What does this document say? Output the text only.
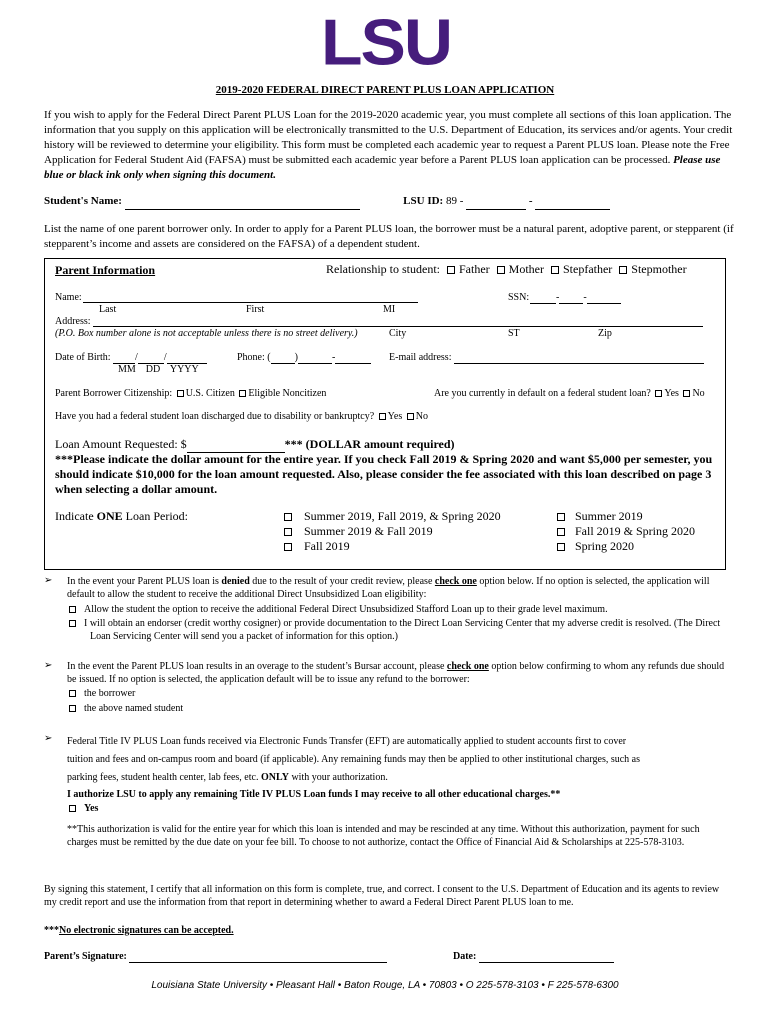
LSU
2019-2020 FEDERAL DIRECT PARENT PLUS LOAN APPLICATION
If you wish to apply for the Federal Direct Parent PLUS Loan for the 2019-2020 academic year, you must complete all sections of this loan application. The information that you supply on this application will be electronically transmitted to the U.S. Department of Education, its services and/or agents. Your credit history will be reviewed to determine your eligibility. This form must be completed each academic year to request a Parent PLUS loan. Please note the Free Application for Federal Student Aid (FAFSA) must be submitted each academic year before a Parent PLUS loan application can be processed. Please use blue or black ink only when signing this document.
Student's Name:	LSU ID: 89 -	-
List the name of one parent borrower only. In order to apply for a Parent PLUS loan, the borrower must be a natural parent, adoptive parent, or stepparent (if stepparent’s income and assets are considered on the FAFSA) of a dependent student.
Parent Information	Relationship to student: Father Mother Stepfather Stepmother
Name:	SSN:	- -
Last	First	MI
Address:
(P.O. Box number alone is not acceptable unless there is no street delivery.)	City	ST	Zip
Date of Birth: /	/
MM    DD    YYYY
Phone: ( )	-	E-mail address:
Parent Borrower Citizenship: U.S. Citizen Eligible Noncitizen	Are you currently in default on a federal student loan? Yes No
Have you had a federal student loan discharged due to disability or bankruptcy? Yes No
Loan Amount Requested: $	*** (DOLLAR amount required)
***Please indicate the dollar amount for the entire year. If you check Fall 2019 & Spring 2020 and want $5,000 per semester, you should indicate $10,000 for the loan amount requested. Also, please consider the fee associated with this loan described on page 3 when selecting a dollar amount.
Indicate ONE Loan Period:	Summer 2019, Fall 2019, & Spring 2020
Summer 2019 & Fall 2019
Fall 2019
Summer 2019
Fall 2019 & Spring 2020
Spring 2020
➢ In the event your Parent PLUS loan is denied due to the result of your credit review, please check one option below. If no option is selected, the application will default to allow the student to receive the additional Direct Unsubsidized Loan eligibility:
Allow the student the option to receive the additional Federal Direct Unsubsidized Stafford Loan up to their grade level maximum.
I will obtain an endorser (credit worthy cosigner) or provide documentation to the Direct Loan Servicing Center that my adverse credit is resolved. (The Direct Loan Servicing Center will send you a packet of information for this option.)
➢ In the event the Parent PLUS loan results in an overage to the student’s Bursar account, please check one option below confirming to whom any refunds due should be issued. If no option is selected, the application default will be to issue any refund to the borrower:
the borrower
the above named student
➢ Federal Title IV PLUS Loan funds received via Electronic Funds Transfer (EFT) are automatically applied to student accounts first to cover
tuition and fees and on-campus room and board (if applicable). Any remaining funds may then be applied to other institutional charges, such as
parking fees, student health center, lab fees, etc. ONLY with your authorization.
I authorize LSU to apply any remaining Title IV PLUS Loan funds I may receive to all other educational charges.**
Yes
**This authorization is valid for the entire year for which this loan is intended and may be rescinded at any time. Without this authorization, payment for such charges must be remitted by the due date on your fee bill. To choose to not authorize, contact the Office of Financial Aid & Scholarships at 225-578-3103.
By signing this statement, I certify that all information on this form is complete, true, and correct. I consent to the U.S. Department of Education and its agents to review my credit report and use the information from that report in determining whether to award a Federal Direct Parent PLUS loan to me.
***No electronic signatures can be accepted.
Parent’s Signature:	Date:
Louisiana State University • Pleasant Hall • Baton Rouge, LA • 70803 • O 225-578-3103 • F 225-578-6300
